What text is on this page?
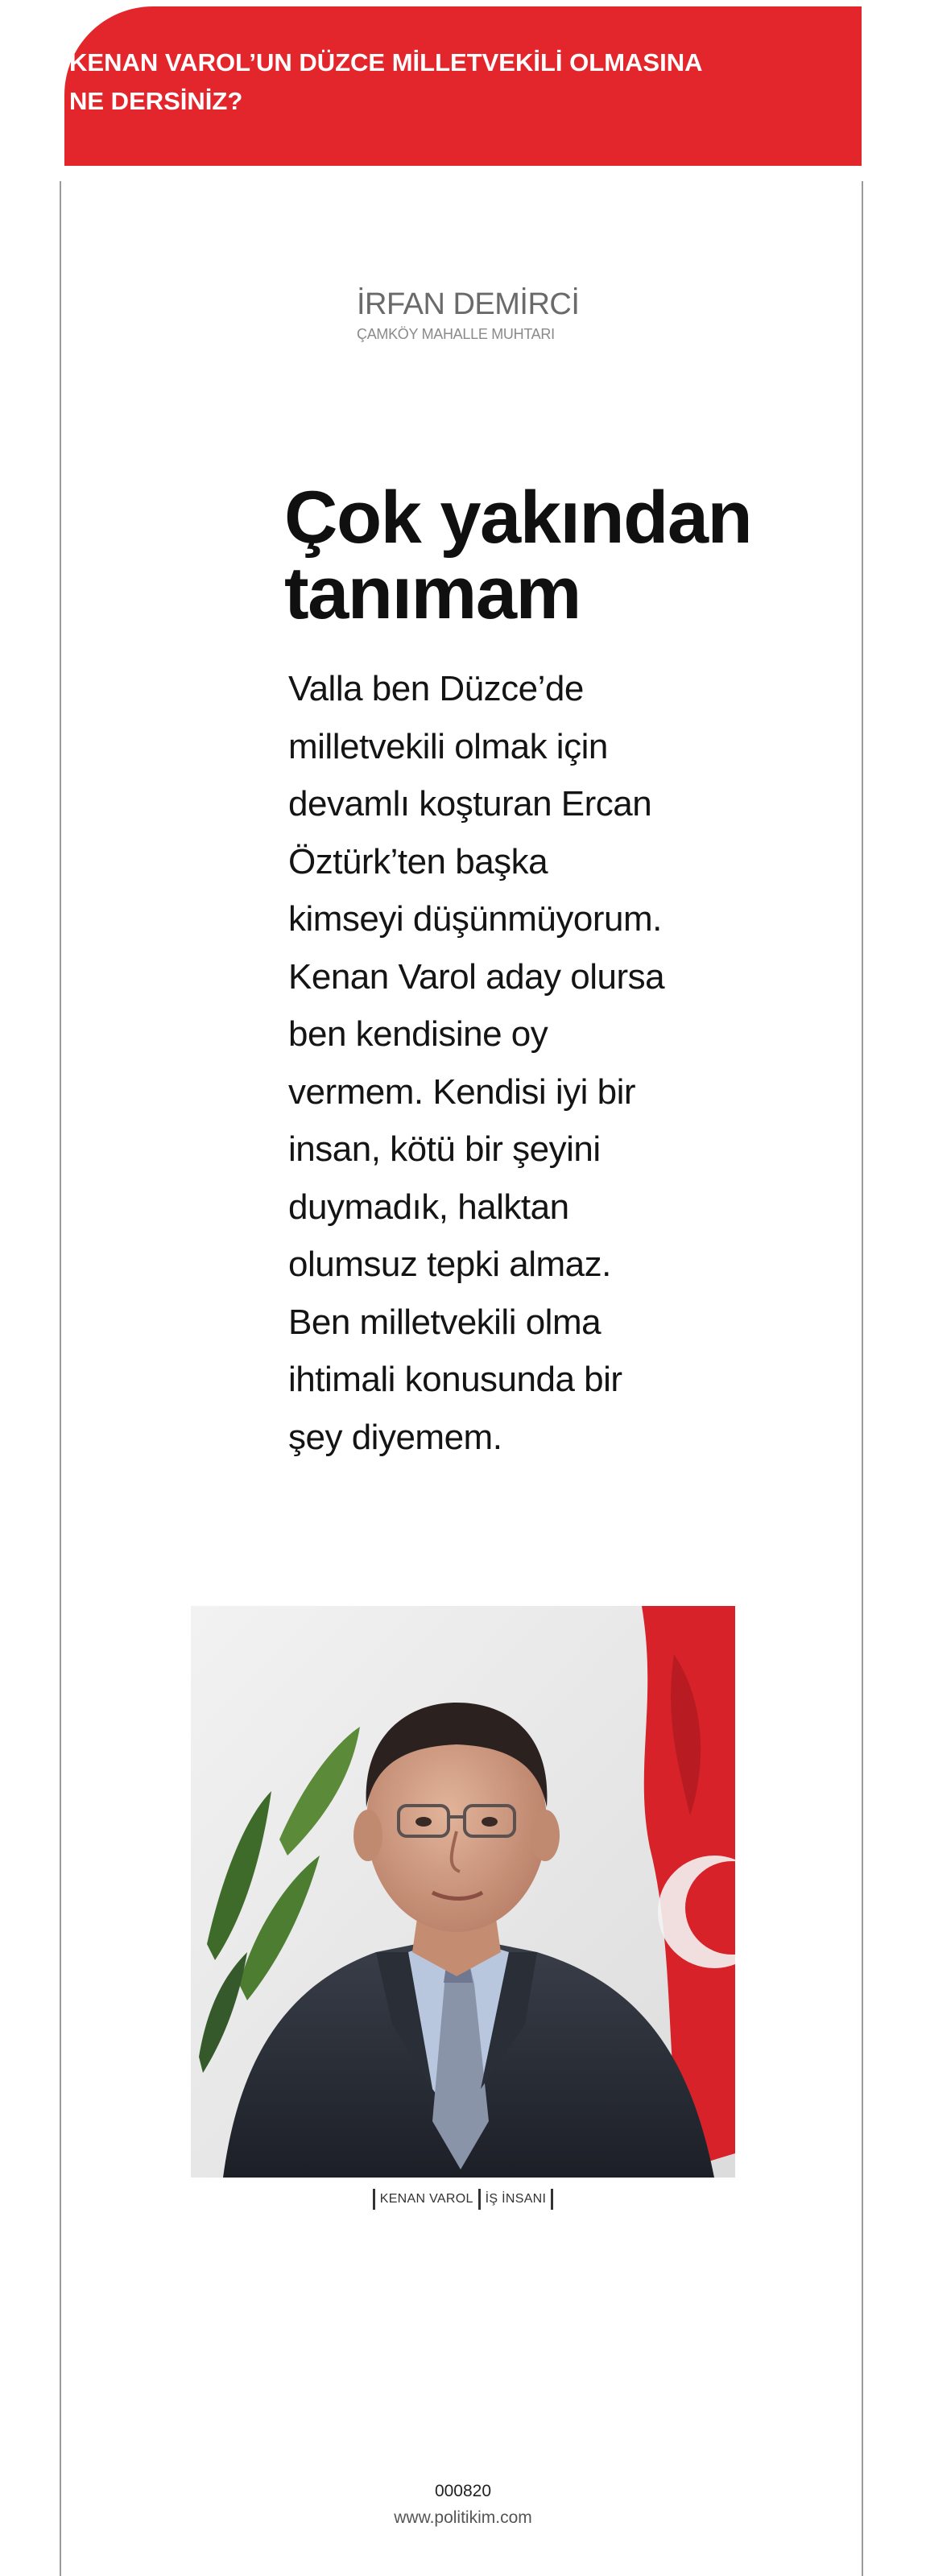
KENAN VAROL’UN DÜZCE MİLLETVEKİLİ OLMASINA NE DERSİNİZ?

İRFAN DEMİRCİ

ÇAMKÖY MAHALLE MUHTARI

Çok yakından tanımam

Valla ben Düzce’de milletvekili olmak için devamlı koşturan Ercan Öztürk’ten başka kimseyi düşünmüyorum. Kenan Varol aday olursa ben kendisine oy vermem. Kendisi iyi bir insan, kötü bir şeyini duymadık, halktan olumsuz tepki almaz. Ben milletvekili olma ihtimali konusunda bir şey diyemem.

KENAN VAROL İŞ İNSANI
000820
www.politikim.com
